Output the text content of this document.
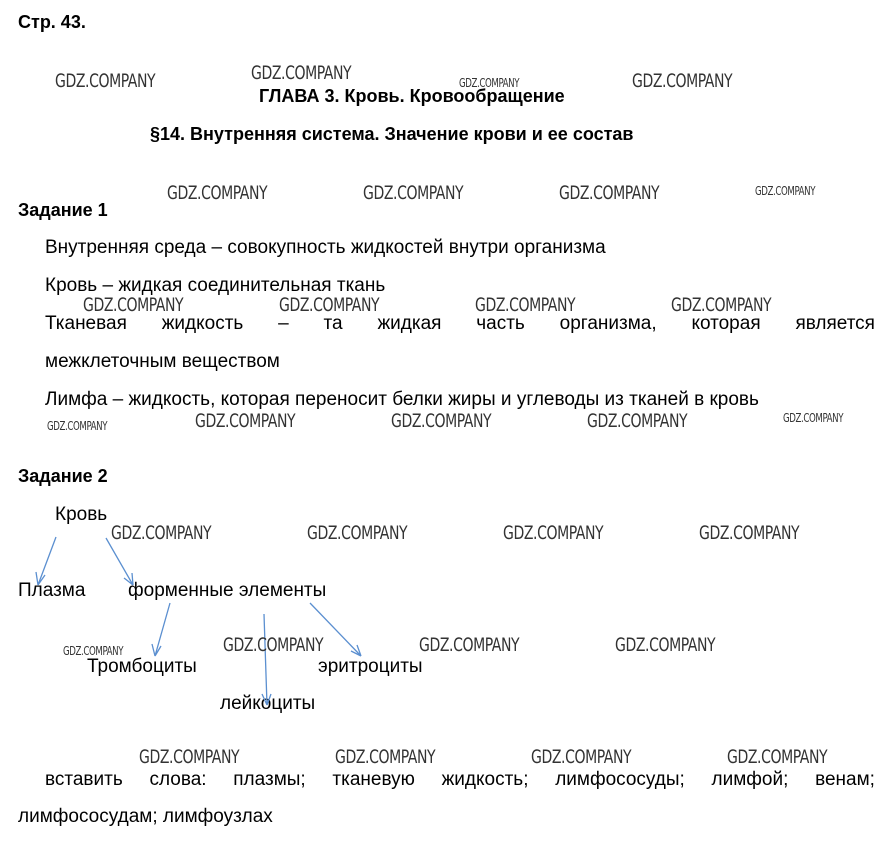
Стр. 43.
ГЛАВА 3. Кровь. Кровообращение
§14. Внутренняя система. Значение крови и ее состав
Задание 1
Внутренняя среда – совокупность жидкостей внутри организма
Кровь – жидкая соединительная ткань
Тканевая жидкость – та жидкая часть организма, которая является
межклеточным веществом
Лимфа – жидкость, которая переносит белки жиры и углеводы из тканей в кровь
Задание 2
Кровь
Плазма форменные элементы
Тромбоциты	эритроциты
лейкоциты
вставить слова: плазмы; тканевую жидкость; лимфососуды; лимфой; венам;
лимфососудам; лимфоузлах
GDZ.COMPANY	GDZ.COMPANY	GDZ.COMPANY	GDZ.COMPANY
GDZ.COMPANY	GDZ.COMPANY	GDZ.COMPANY	GDZ.COMPANY
GDZ.COMPANY	GDZ.COMPANY	GDZ.COMPANY	GDZ.COMPANY
GDZ.COMPANY	GDZ.COMPANY	GDZ.COMPANY	GDZ.COMPANY	GDZ.COMPANY
GDZ.COMPANY	GDZ.COMPANY	GDZ.COMPANY	GDZ.COMPANY
GDZ.COMPANY	GDZ.COMPANY	GDZ.COMPANY	GDZ.COMPANY
GDZ.COMPANY	GDZ.COMPANY	GDZ.COMPANY	GDZ.COMPANY
